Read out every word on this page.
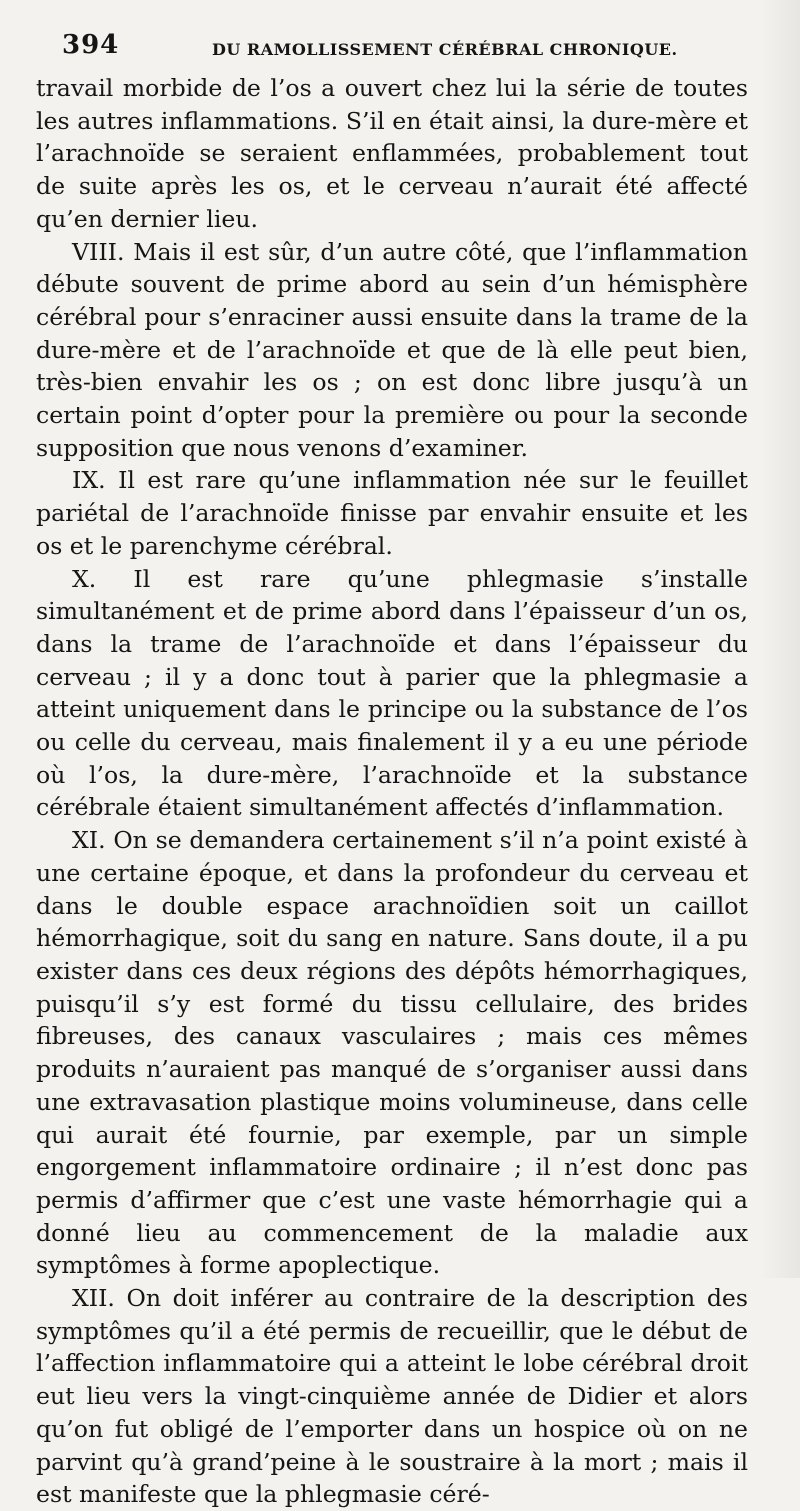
394	DU RAMOLLISSEMENT CÉRÉBRAL CHRONIQUE.

travail morbide de l’os a ouvert chez lui la série de toutes les autres inflammations. S’il en était ainsi, la dure-mère et l’arachnoïde se seraient enflammées, probablement tout de suite après les os, et le cerveau n’aurait été affecté qu’en dernier lieu.

VIII. Mais il est sûr, d’un autre côté, que l’inflammation débute souvent de prime abord au sein d’un hémisphère cérébral pour s’enraciner aussi ensuite dans la trame de la dure-mère et de l’arachnoïde et que de là elle peut bien, très-bien envahir les os ; on est donc libre jusqu’à un certain point d’opter pour la première ou pour la seconde supposition que nous venons d’examiner.

IX. Il est rare qu’une inflammation née sur le feuillet pariétal de l’arachnoïde finisse par envahir ensuite et les os et le parenchyme cérébral.

X. Il est rare qu’une phlegmasie s’installe simultanément et de prime abord dans l’épaisseur d’un os, dans la trame de l’arachnoïde et dans l’épaisseur du cerveau ; il y a donc tout à parier que la phlegmasie a atteint uniquement dans le principe ou la substance de l’os ou celle du cerveau, mais finalement il y a eu une période où l’os, la dure-mère, l’arachnoïde et la substance cérébrale étaient simultanément affectés d’inflammation.

XI. On se demandera certainement s’il n’a point existé à une certaine époque, et dans la profondeur du cerveau et dans le double espace arachnoïdien soit un caillot hémorrhagique, soit du sang en nature. Sans doute, il a pu exister dans ces deux régions des dépôts hémorrhagiques, puisqu’il s’y est formé du tissu cellulaire, des brides fibreuses, des canaux vasculaires ; mais ces mêmes produits n’auraient pas manqué de s’organiser aussi dans une extravasation plastique moins volumineuse, dans celle qui aurait été fournie, par exemple, par un simple engorgement inflammatoire ordinaire ; il n’est donc pas permis d’affirmer que c’est une vaste hémorrhagie qui a donné lieu au commencement de la maladie aux symptômes à forme apoplectique.

XII. On doit inférer au contraire de la description des symptômes qu’il a été permis de recueillir, que le début de l’affection inflammatoire qui a atteint le lobe cérébral droit eut lieu vers la vingt-cinquième année de Didier et alors qu’on fut obligé de l’emporter dans un hospice où on ne parvint qu’à grand’peine à le soustraire à la mort ; mais il est manifeste que la phlegmasie céré-
